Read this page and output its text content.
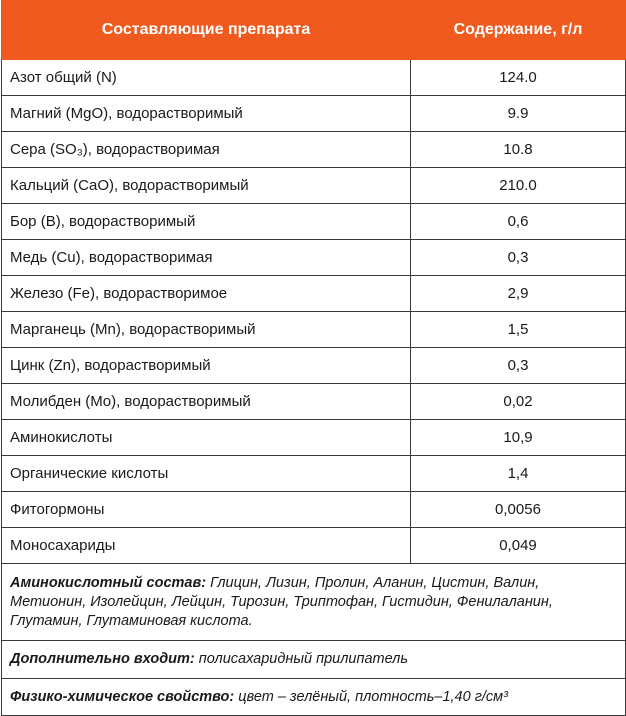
Составляющие препарата	Содержание, г/л
Азот общий (N)	124.0
Магний (MgO), водорастворимый	9.9
Сера (SO₃), водорастворимая	10.8
Кальций (CaO), водорастворимый	210.0
Бор (B), водорастворимый	0,6
Медь (Cu), водорастворимая	0,3
Железо (Fe), водорастворимое	2,9
Марганець (Mn), водорастворимый	1,5
Цинк (Zn), водорастворимый	0,3
Молибден (Mo), водорастворимый	0,02
Аминокислоты	10,9
Органические кислоты	1,4
Фитогормоны	0,0056
Моносахариды	0,049
Аминокислотный состав: Глицин, Лизин, Пролин, Аланин, Цистин, Валин, Метионин, Изолейцин, Лейцин, Тирозин, Триптофан, Гистидин, Фенилаланин, Глутамин, Глутаминовая кислота.	
Дополнительно входит: полисахаридный прилипатель	
Физико-химическое свойство: цвет – зелёный, плотность–1,40 г/см³	
